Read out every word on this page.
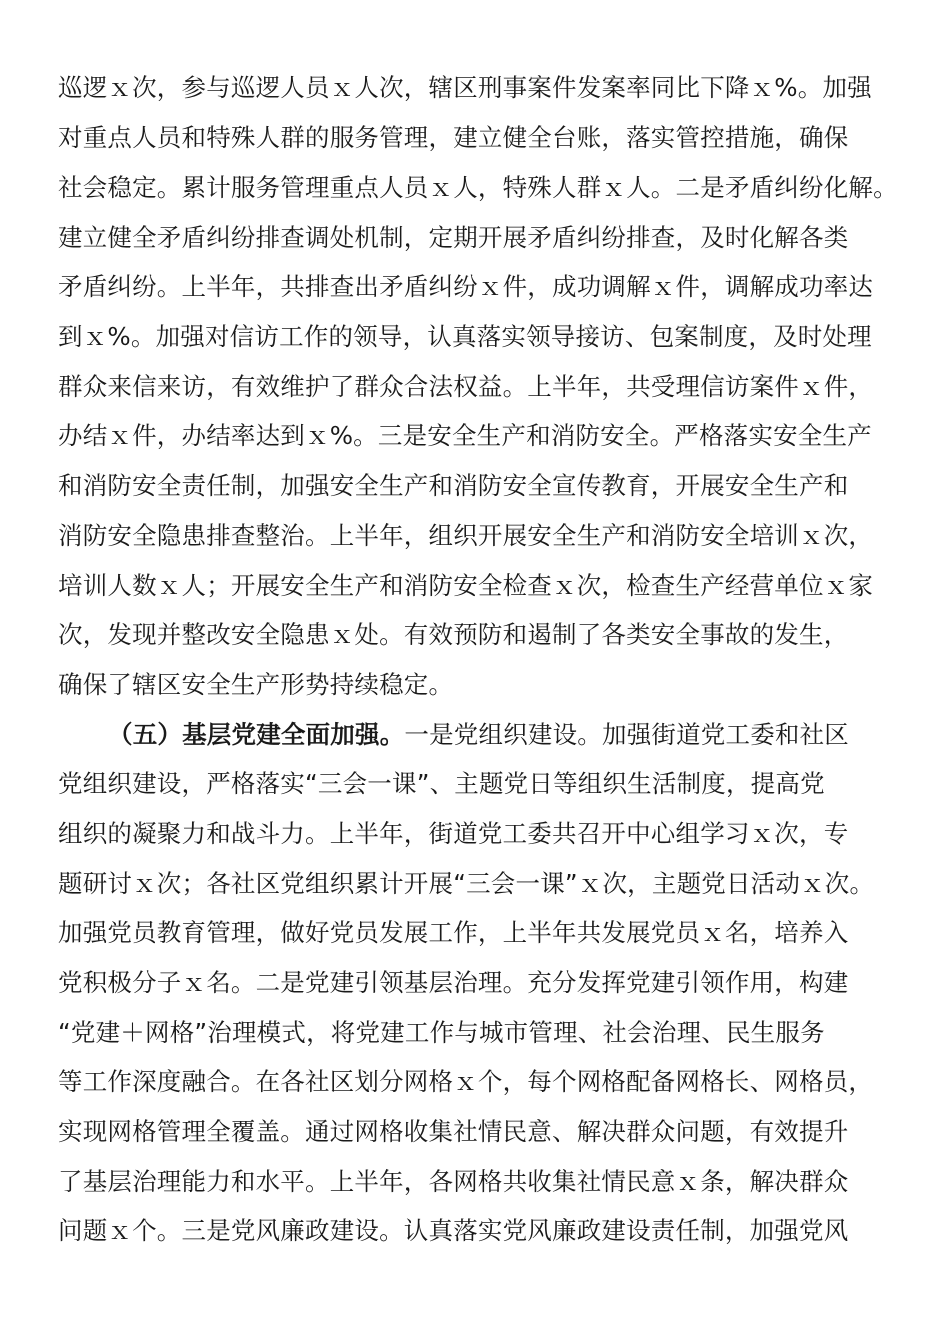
巡逻ｘ次，参与巡逻人员ｘ人次，辖区刑事案件发案率同比下降ｘ%。加强
对重点人员和特殊人群的服务管理，建立健全台账，落实管控措施，确保
社会稳定。累计服务管理重点人员ｘ人，特殊人群ｘ人。二是矛盾纠纷化解。
建立健全矛盾纠纷排查调处机制，定期开展矛盾纠纷排查，及时化解各类
矛盾纠纷。上半年，共排查出矛盾纠纷ｘ件，成功调解ｘ件，调解成功率达
到ｘ%。加强对信访工作的领导，认真落实领导接访、包案制度，及时处理
群众来信来访，有效维护了群众合法权益。上半年，共受理信访案件ｘ件，
办结ｘ件，办结率达到ｘ%。三是安全生产和消防安全。严格落实安全生产
和消防安全责任制，加强安全生产和消防安全宣传教育，开展安全生产和
消防安全隐患排查整治。上半年，组织开展安全生产和消防安全培训ｘ次，
培训人数ｘ人；开展安全生产和消防安全检查ｘ次，检查生产经营单位ｘ家
次，发现并整改安全隐患ｘ处。有效预防和遏制了各类安全事故的发生，
确保了辖区安全生产形势持续稳定。
（五）基层党建全面加强。一是党组织建设。加强街道党工委和社区
党组织建设，严格落实“三会一课”、主题党日等组织生活制度，提高党
组织的凝聚力和战斗力。上半年，街道党工委共召开中心组学习ｘ次，专
题研讨ｘ次；各社区党组织累计开展“三会一课”ｘ次，主题党日活动ｘ次。
加强党员教育管理，做好党员发展工作，上半年共发展党员ｘ名，培养入
党积极分子ｘ名。二是党建引领基层治理。充分发挥党建引领作用，构建
“党建＋网格”治理模式，将党建工作与城市管理、社会治理、民生服务
等工作深度融合。在各社区划分网格ｘ个，每个网格配备网格长、网格员，
实现网格管理全覆盖。通过网格收集社情民意、解决群众问题，有效提升
了基层治理能力和水平。上半年，各网格共收集社情民意ｘ条，解决群众
问题ｘ个。三是党风廉政建设。认真落实党风廉政建设责任制，加强党风
